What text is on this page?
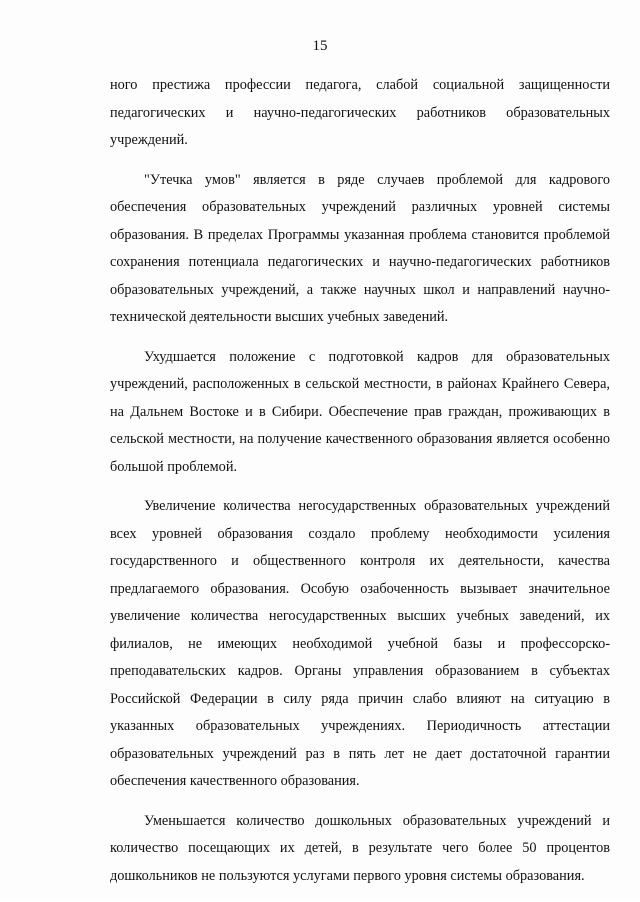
15

ного престижа профессии педагога, слабой социальной защищенности педагогических и научно-педагогических работников образовательных учреждений.

"Утечка умов" является в ряде случаев проблемой для кадрового обеспечения образовательных учреждений различных уровней системы образования. В пределах Программы указанная проблема становится проблемой сохранения потенциала педагогических и научно-педагогических работников образовательных учреждений, а также научных школ и направлений научно-технической деятельности высших учебных заведений.

Ухудшается положение с подготовкой кадров для образовательных учреждений, расположенных в сельской местности, в районах Крайнего Севера, на Дальнем Востоке и в Сибири. Обеспечение прав граждан, проживающих в сельской местности, на получение качественного образования является особенно большой проблемой.

Увеличение количества негосударственных образовательных учреждений всех уровней образования создало проблему необходимости усиления государственного и общественного контроля их деятельности, качества предлагаемого образования. Особую озабоченность вызывает значительное увеличение количества негосударственных высших учебных заведений, их филиалов, не имеющих необходимой учебной базы и профессорско-преподавательских кадров. Органы управления образованием в субъектах Российской Федерации в силу ряда причин слабо влияют на ситуацию в указанных образовательных учреждениях. Периодичность аттестации образовательных учреждений раз в пять лет не дает достаточной гарантии обеспечения качественного образования.

Уменьшается количество дошкольных образовательных учреждений и количество посещающих их детей, в результате чего более 50 процентов дошкольников не пользуются услугами первого уровня системы образования.
